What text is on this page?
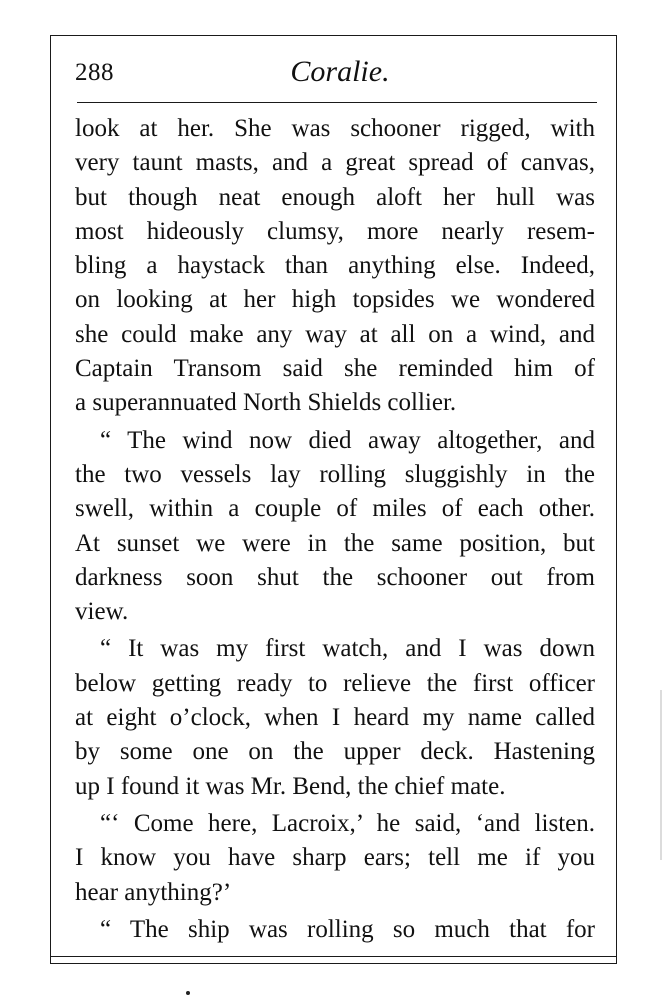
288	Coralie.
look at her. She was schooner rigged, with
very taunt masts, and a great spread of canvas,
but though neat enough aloft her hull was
most hideously clumsy, more nearly resem-
bling a haystack than anything else. Indeed,
on looking at her high topsides we wondered
she could make any way at all on a wind, and
Captain Transom said she reminded him of
a superannuated North Shields collier.
“ The wind now died away altogether, and
the two vessels lay rolling sluggishly in the
swell, within a couple of miles of each other.
At sunset we were in the same position, but
darkness soon shut the schooner out from
view.
“ It was my first watch, and I was down
below getting ready to relieve the first officer
at eight o’clock, when I heard my name called
by some one on the upper deck. Hastening
up I found it was Mr. Bend, the chief mate.
“‘ Come here, Lacroix,’ he said, ‘and listen.
I know you have sharp ears; tell me if you
hear anything?’
“ The ship was rolling so much that for
